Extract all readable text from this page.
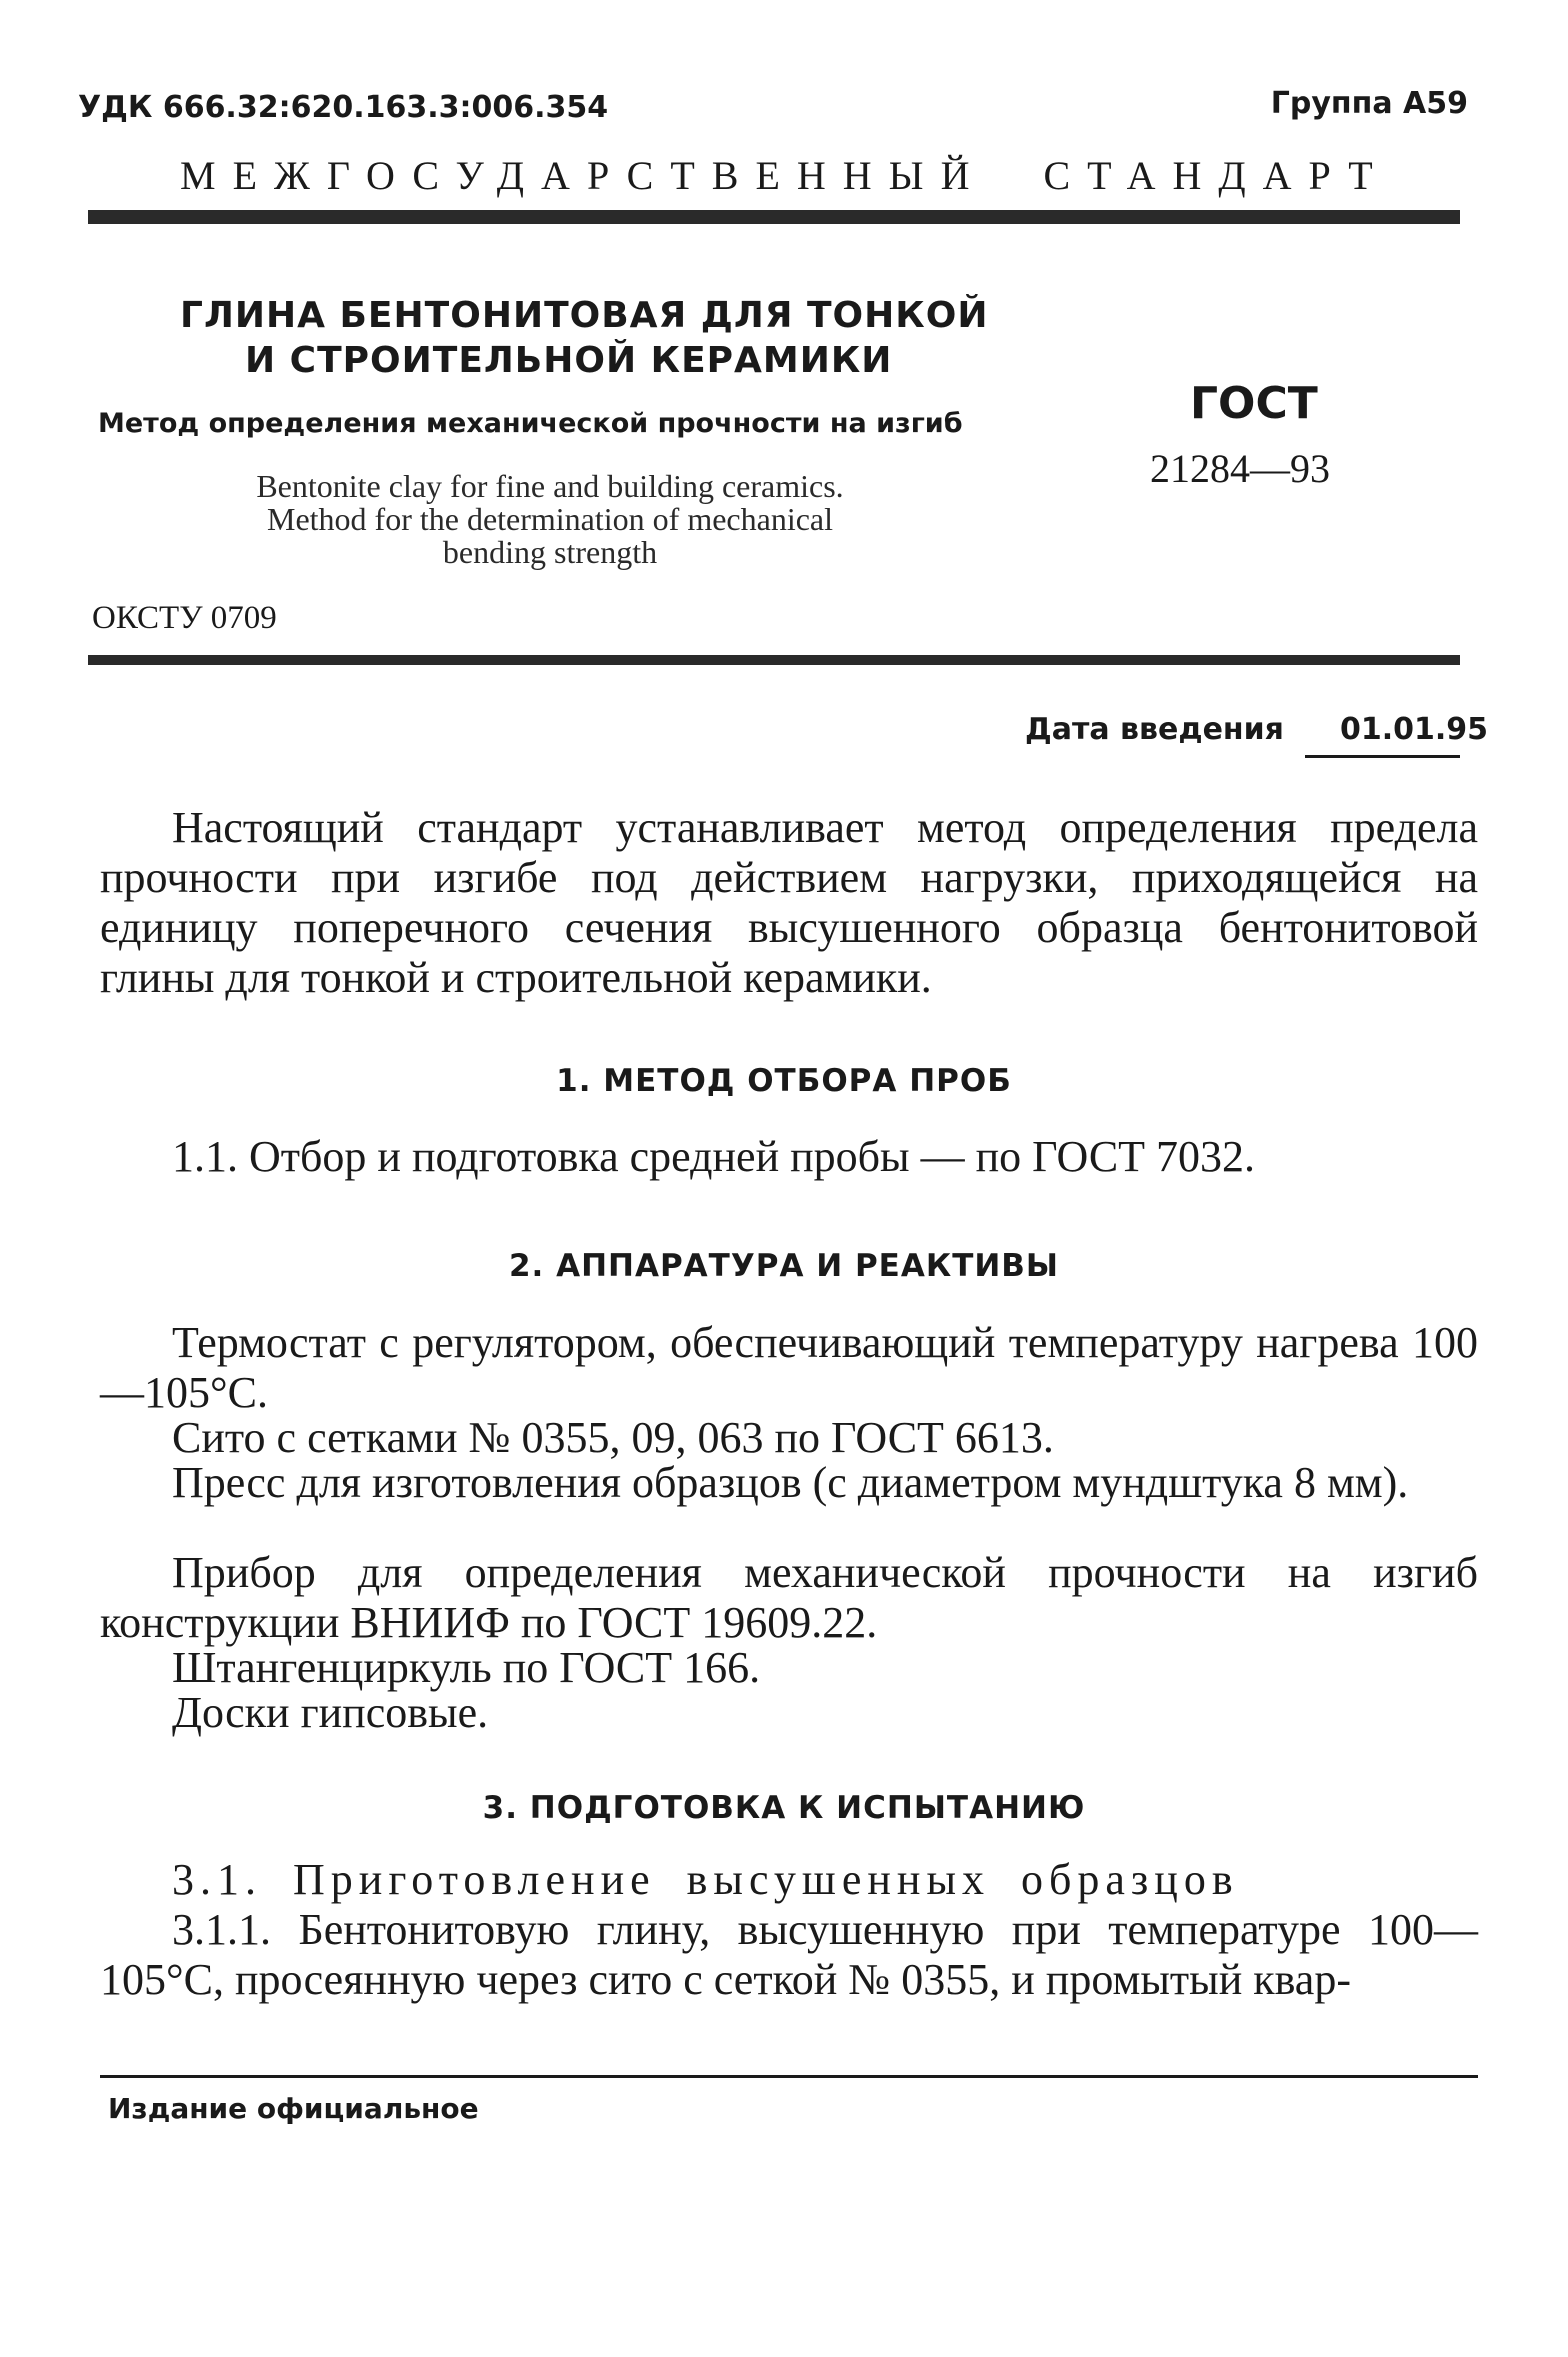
УДК 666.32:620.163.3:006.354	Группа А59
МЕЖГОСУДАРСТВЕННЫЙ СТАНДАРТ
ГЛИНА БЕНТОНИТОВАЯ ДЛЯ ТОНКОЙ
И СТРОИТЕЛЬНОЙ КЕРАМИКИ
Метод определения механической прочности на изгиб
Bentonite clay for fine and building ceramics.
Method for the determination of mechanical
bending strength
ОКСТУ 0709
ГОСТ
21284—93
Дата введения 01.01.95

Настоящий стандарт устанавливает метод определения предела прочности при изгибе под действием нагрузки, приходящейся на единицу поперечного сечения высушенного образца бентонитовой глины для тонкой и строительной керамики.

1. МЕТОД ОТБОРА ПРОБ

1.1. Отбор и подготовка средней пробы — по ГОСТ 7032.

2. АППАРАТУРА И РЕАКТИВЫ

Термостат с регулятором, обеспечивающий температуру нагрева 100—105°С.

Сито с сетками № 0355, 09, 063 по ГОСТ 6613.

Пресс для изготовления образцов (с диаметром мундштука 8 мм).

Прибор для определения механической прочности на изгиб конструкции ВНИИФ по ГОСТ 19609.22.

Штангенциркуль по ГОСТ 166.

Доски гипсовые.

3. ПОДГОТОВКА К ИСПЫТАНИЮ

3.1. Приготовление высушенных образцов

3.1.1. Бентонитовую глину, высушенную при температуре 100—105°С, просеянную через сито с сеткой № 0355, и промытый квар-

Издание официальное
